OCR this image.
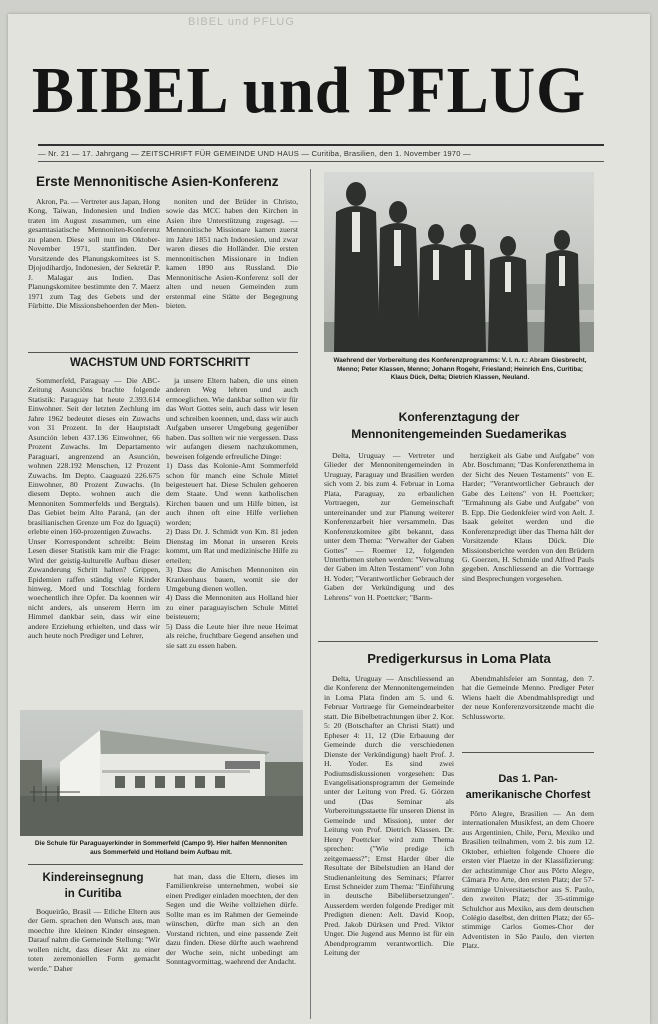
BIBEL und PFLUG
BIBEL und PFLUG
— Nr. 21 — 17. Jahrgang — ZEITSCHRIFT FÜR GEMEINDE UND HAUS — Curitiba, Brasilien, den 1. November 1970 —
Erste Mennonitische Asien-Konferenz

Akron, Pa. — Vertreter aus Japan, Hong Kong, Taiwan, Indonesien und Indien traten im August zusammen, um eine gesamtasiatische Mennoniten-Konferenz zu planen. Diese soll nun im Oktober-November 1971, stattfinden. Der Vorsitzende des Planungskomitees ist S. Djojodihardjo, Indonesien, der Sekretär P. J. Malagar aus Indien. Das Planungskomitee bestimmte den 7. Maerz 1971 zum Tag des Gebets und der Fürbitte. Die Missionsbehoerden der Men-

noniten und der Brüder in Christo, sowie das MCC haben den Kirchen in Asien ihre Unterstützung zugesagt. — Mennonitische Missionare kamen zuerst im Jahre 1851 nach Indonesien, und zwar waren dieses die Holländer. Die ersten mennonitischen Missionare in Indien kamen 1890 aus Russland. Die Mennonitische Asien-Konferenz soll der alten und neuen Gemeinden zum erstenmal eine Stätte der Begegnung bieten.

WACHSTUM UND FORTSCHRITT

Sommerfeld, Paraguay — Die ABC-Zeitung Asunciöns brachte folgende Statistik: Paraguay hat heute 2.393.614 Einwohner. Seit der letzten Zechlung im Jahre 1962 bedeutet dieses ein Zuwachs von 31 Prozent. In der Hauptstadt Asunción leben 437.136 Einwohner, 66 Prozent Zuwachs. Im Departamento Paraguarí, angrenzend an Asunción, wohnen 228.192 Menschen, 12 Prozent Zuwachs. Im Depto. Caaguazú 226.675 Einwohner, 80 Prozent Zuwachs. (In diesem Depto. wohnen auch die Mennoniten Sommerfelds und Bergtals). Das Gebiet beim Alto Paraná, (an der brasilianischen Grenze um Foz do Iguaçú) erlebte einen 160-prozentigen Zuwachs.
Unser Korrespondent schreibt: Beim Lesen dieser Statistik kam mir die Frage: Wird der geistig-kulturelle Aufbau dieser Zuwanderung Schritt halten? Grippen, Epidemien raffen ständig viele Kinder hinweg. Mord und Totschlag fordern woechentlich ihre Opfer. Da koennen wir nicht anders, als unserem Herrn im Himmel dankbar sein, dass wir eine andere Erziehung erhielten, und dass wir auch heute noch Prediger und Lehrer,

ja unsere Eltern haben, die uns einen anderen Weg lehren und auch ermoeglichen. Wie dankbar sollten wir für das Wort Gottes sein, auch dass wir lesen und schreiben koennen, und, dass wir auch Aufgaben unserer Umgebung gegenüber haben. Das sollten wir nie vergessen. Dass wir aufangen diesem nachzukommen, beweisen folgende erfreuliche Dinge:
1) Dass das Kolonie-Amt Sommerfeld schon für manch eine Schule Mittel beigesteuert hat. Diese Schulen gehoeren dem Staate. Und wenn katholischen Kirchen bauen und um Hilfe bitten, ist auch ihnen oft eine Hilfe verliehen worden;
2) Dass Dr. J. Schmidt von Km. 81 jeden Dienstag im Monat in unseren Kreis kommt, um Rat und medizinische Hilfe zu erteilen;
3) Dass die Amischen Mennoniten ein Krankenhaus bauen, womit sie der Umgebung dienen wollen.
4) Dass die Mennoniten aus Holland hier zu einer paraguayischen Schule Mittel beisteuern;
5) Dass die Leute hier ihre neue Heimat als reiche, fruchtbare Gegend ansehen und sie satt zu essen haben.

Die Schule für Paraguayerkinder in Sommerfeld (Campo 9). Hier halfen Mennoniten aus Sommerfeld und Holland beim Aufbau mit.
Kindereinsegnung
in Curitiba

Boqueirão, Brasil — Etliche Eltern aus der Gem. sprachen den Wunsch aus, man moechte ihre kleinen Kinder einsegnen. Darauf nahm die Gemeinde Stellung: "Wir wollen nicht, dass dieser Akt zu einer toten zeremoniellen Form gemacht werde." Daher

hat man, dass die Eltern, dieses im Familienkreise unternehmen, wobei sie einen Prediger einladen moechten, der den Segen und die Weihe vollziehen dürfe. Sollte man es im Rahmen der Gemeinde wünschen, dürfte man sich an den Vorstand richten, und eine passende Zeit dazu finden. Diese dürfte auch waehrend der Woche sein, nicht unbedingt am Sonntagvormittag, waehrend der Andacht.

Waehrend der Vorbereitung des Konferenzprogramms: V. l. n. r.: Abram Giesbrecht, Menno; Peter Klassen, Menno; Johann Rogehr, Friesland; Heinrich Ens, Curitiba; Klaus Dück, Delta; Dietrich Klassen, Neuland.
Konferenztagung der
Mennonitengemeinden Suedamerikas

Delta, Uruguay — Vertreter und Glieder der Mennonitengemeinden in Uruguay, Paraguay und Brasilien werden sich vom 2. bis zum 4. Februar in Loma Plata, Paraguay, zu erbaulichen Vortraegen, zur Gemeinschaft untereinander und zur Planung weiterer Konferenzarbeit hier versammeln. Das Konferenzkomitee gibt bekannt, dass unter dem Thema: "Verwalter der Gaben Gottes" — Roemer 12, folgenden Unterthemen stehen werden: "Verwaltung der Gaben im Alten Testament" von John H. Yoder; "Verantwortlicher Gebrauch der Gaben der Verkündigung und des Lehrens" von H. Poettcker; "Barm-

herzigkeit als Gabe und Aufgabe" von Abr. Boschmann; "Das Konferenzthema in der Sicht des Neuen Testaments" von E. Harder; "Verantwortlicher Gebrauch der Gabe des Leitens" von H. Poettcker; "Ermahnung als Gabe und Aufgabe" von B. Epp. Die Gedenkfeier wird von Aelt. J. Isaak geleitet werden und die Konferenzpredigt über das Thema hält der Vorsitzende Klaus Dück. Die Missionsberichte werden von den Brüdern G. Goerzen, H. Schmide und Alfred Pauls gegeben. Anschliessend an die Vortraege sind Besprechungen vorgesehen.

Predigerkursus in Loma Plata

Delta, Uruguay — Anschliessend an die Konferenz der Mennonitengemeinden in Loma Plata finden am 5. und 6. Februar Vortraege für Gemeindearbeiter statt. Die Bibelbetrachtungen über 2. Kor. 5: 20 (Botschafter an Christi Statt) und Epheser 4: 11, 12 (Die Erbauung der Gemeinde durch die verschiedenen Dienste der Verkündigung) haelt Prof. J. H. Yoder. Es sind zwei Podiumsdiskussionen vorgesehen: Das Evangelisationsprogramm der Gemeinde unter der Leitung von Pred. G. Görzen und (Das Seminar als Vorbereitungsstaette für unseren Dienst in Gemeinde und Mission), unter der Leitung von Prof. Dietrich Klassen. Dr. Henry Poettcker wird zum Thema sprechen: ("Wie predige ich zeitgemaess?"; Ernst Harder über die Resultate der Bibelstudien an Hand der Studienanleitung des Seminars; Pfarrer Ernst Schneider zum Thema: "Einführung in deutsche Bibelübersetzungen". Ausserdem werden folgende Prediger mit Predigten dienen: Aelt. David Koop, Pred. Jakob Dürksen und Pred. Viktor Unger. Die Jugend aus Menno ist für ein Abendprogramm verantwortlich. Die Leitung der

Abendmahlsfeier am Sonntag, den 7. hat die Gemeinde Menno. Prediger Peter Wiens haelt die Abendmahlspredigt und der neue Konferenzvorsitzende macht die Schlussworte.

Das 1. Pan-
amerikanische Chorfest

Pôrto Alegre, Brasilien — An dem internationalen Musikfest, an dem Choere aus Argentinien, Chile, Peru, Mexiko und Brasilien teilnahmen, vom 2. bis zum 12. Oktober, erhielten folgende Choere die ersten vier Plaetze in der Klassifizierung: der achtstimmige Chor aus Pôrto Alegre, Câmara Pro Arte, den ersten Platz; der 57-stimmige Universitaetschor aus S. Paulo, den zweiten Platz; der 35-stimmige Schulchor aus Mexiko, aus dem deutschen Colégio daselbst, den dritten Platz; der 65-stimmige Carlos Gomes-Chor der Adventisten in São Paulo, den vierten Platz.
